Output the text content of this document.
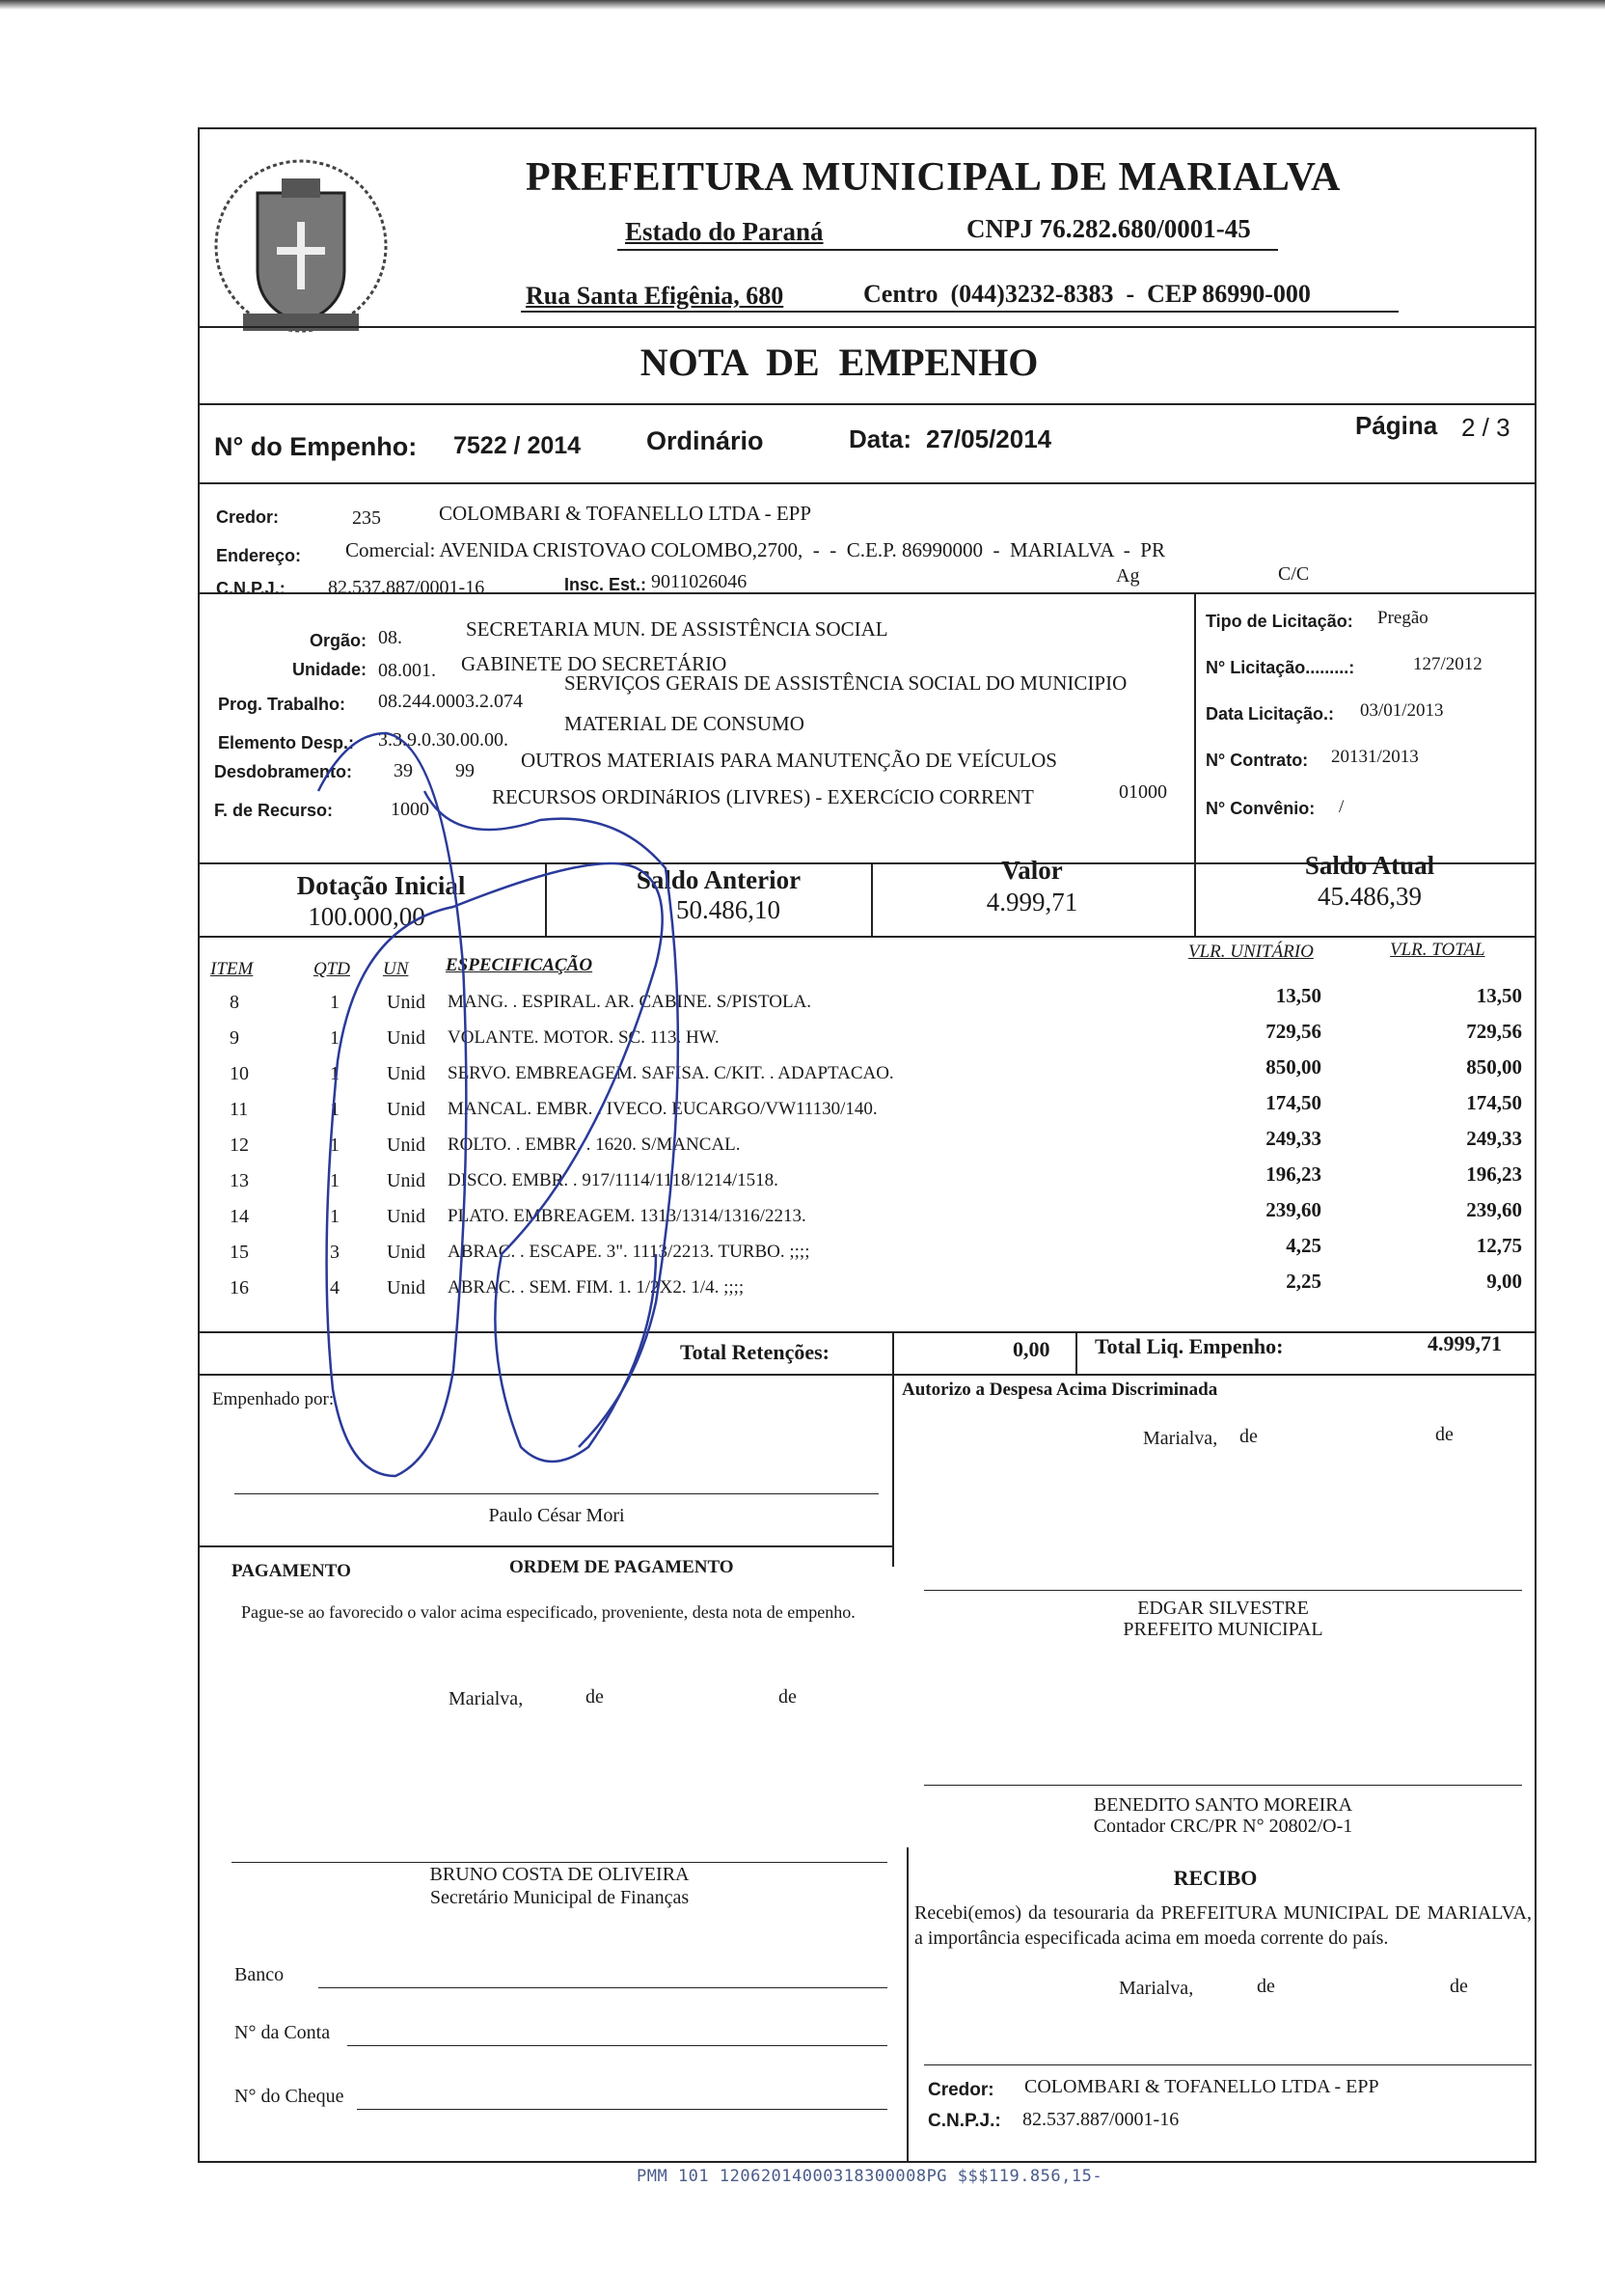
PREFEITURA MUNICIPAL DE MARIALVA
Estado do Paraná	CNPJ 76.282.680/0001-45
Rua Santa Efigênia, 680	Centro  (044)3232-8383  -  CEP 86990-000
NOTA  DE  EMPENHO
N° do Empenho: 7522 / 2014	Ordinário	Data: 27/05/2014	Página 2 / 3
Credor:	235	COLOMBARI & TOFANELLO LTDA - EPP
Endereço: Comercial: AVENIDA CRISTOVAO COLOMBO,2700,  -  -  C.E.P. 86990000  -  MARIALVA  -  PR
C.N.P.J.: 82.537.887/0001-16	Insc. Est.: 9011026046	Ag	C/C
Orgão: 08.	SECRETARIA MUN. DE ASSISTÊNCIA SOCIAL
Unidade: 08.001. GABINETE DO SECRETÁRIO
Prog. Trabalho: 08.244.0003.2.074
SERVIÇOS GERAIS DE ASSISTÊNCIA SOCIAL DO MUNICIPIO
Elemento Desp.: 3.3.9.0.30.00.00.
MATERIAL DE CONSUMO
Desdobramento: 39 99 OUTROS MATERIAIS PARA MANUTENÇÃO DE VEÍCULOS
F. de Recurso:	1000
RECURSOS ORDINáRIOS (LIVRES) - EXERCíCIO CORRENT	01000
Tipo de Licitação: Pregão
N° Licitação.........:	127/2012
Data Licitação.: 03/01/2013
N° Contrato: 20131/2013
N° Convênio: /
Dotação Inicial
100.000,00
Saldo Anterior
50.486,10
Valor
4.999,71
Saldo Atual
45.486,39
ITEM	QTD UN ESPECIFICAÇÃO
VLR. UNITÁRIO	VLR. TOTAL
8	1 Unid MANG. . ESPIRAL. AR. CABINE. S/PISTOLA.	13,50	13,50
9	1 Unid VOLANTE. MOTOR. SC. 113. HW.	729,56	729,56
10	1 Unid SERVO. EMBREAGEM. SAFISA. C/KIT. . ADAPTACAO.	850,00	850,00
11	1 Unid MANCAL. EMBR. . IVECO. EUCARGO/VW11130/140.	174,50	174,50
12	1 Unid ROLTO. . EMBR. . 1620. S/MANCAL.	249,33	249,33
13	1 Unid DISCO. EMBR. . 917/1114/1118/1214/1518.	196,23	196,23
14	1 Unid PLATO. EMBREAGEM. 1313/1314/1316/2213.	239,60	239,60
15	3 Unid ABRAC. . ESCAPE. 3". 1113/2213. TURBO. ;;;;	4,25	12,75
16	4 Unid ABRAC. . SEM. FIM. 1. 1/2X2. 1/4. ;;;;	2,25	9,00
Total Retenções:	0,00 Total Liq. Empenho:	4.999,71
Empenhado por:	Autorizo a Despesa Acima Discriminada
Marialva, de	de
Paulo César Mori
PAGAMENTO	ORDEM DE PAGAMENTO
Pague-se ao favorecido o valor acima especificado, proveniente, desta nota de empenho.
Marialva,	de	de
EDGAR SILVESTRE
PREFEITO MUNICIPAL
BENEDITO SANTO MOREIRA
Contador CRC/PR N° 20802/O-1
BRUNO COSTA DE OLIVEIRA
Secretário Municipal de Finanças
RECIBO
Recebi(emos) da tesouraria da PREFEITURA MUNICIPAL DE MARIALVA, a importância especificada acima em moeda corrente do país.
Marialva,	de	de
Banco
N° da Conta
N° do Cheque	Credor: COLOMBARI & TOFANELLO LTDA - EPP
C.N.P.J.: 82.537.887/0001-16
PMM 101 12062014000318300008PG $$$119.856,15-
